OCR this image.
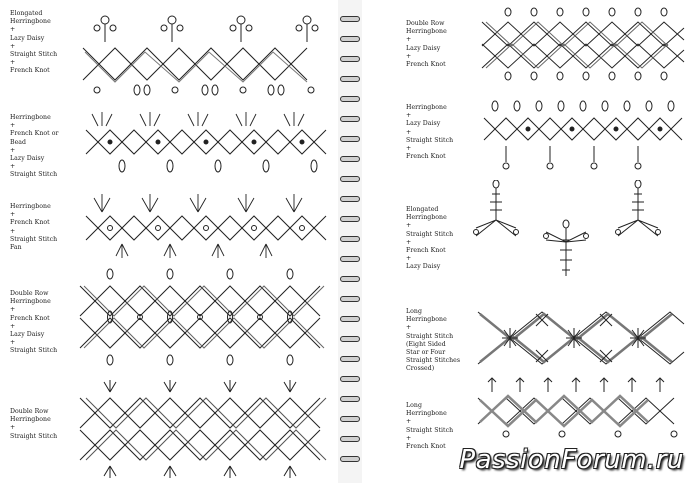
Elongated
Herringbone
+
Lazy Daisy
+
Straight Stitch
+
French Knot
Herringbone
+
French Knot or
Bead
+
Lazy Daisy
+
Straight Stitch
Herringbone
+
French Knot
+
Straight Stitch
Fan
Double Row
Herringbone
+
French Knot
+
Lazy Daisy
+
Straight Stitch
Double Row
Herringbone
+
Straight Stitch
Double Row
Herringbone
+
Lazy Daisy
+
French Knot
Herringbone
+
Lazy Daisy
+
Straight Stitch
+
French Knot
Elongated
Herringbone
+
Straight Stitch
+
French Knot
+
Lazy Daisy
Long
Herringbone
+
Straight Stitch
(Eight Sided
Star or Four
Straight Stitches
Crossed)
Long
Herringbone
+
Straight Stitch
+
French Knot PassionForum.ru
